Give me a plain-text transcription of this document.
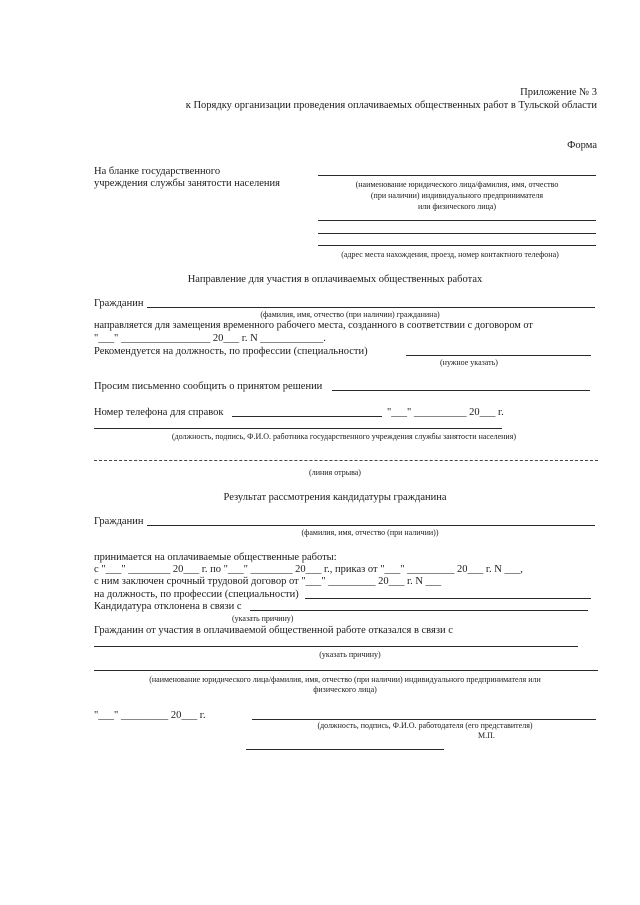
Приложение № 3
к Порядку организации проведения оплачиваемых общественных работ в Тульской области
Форма
На бланке государственного
учреждения службы занятости населения	(наименование юридического лица/фамилия, имя, отчество
(при наличии) индивидуального предпринимателя
или физического лица)
(адрес места нахождения, проезд, номер контактного телефона)
Направление для участия в оплачиваемых общественных работах
Гражданин
(фамилия, имя, отчество (при наличии) гражданина)
направляется для замещения временного рабочего места, созданного в соответствии с договором от
"___" _________________ 20___ г. N ____________.
Рекомендуется на должность, по профессии (специальности)
(нужное указать)
Просим письменно сообщить о принятом решении
Номер телефона для справок	"___" __________ 20___ г.
(должность, подпись, Ф.И.О. работника государственного учреждения службы занятости населения)
(линия отрыва)
Результат рассмотрения кандидатуры гражданина
Гражданин
(фамилия, имя, отчество (при наличии))
принимается на оплачиваемые общественные работы:
с "___" ________ 20___ г. по "___" ________ 20___ г., приказ от "___" _________ 20___ г. N ___,
с ним заключен срочный трудовой договор от "___" _________ 20___ г. N ___
на должность, по профессии (специальности)
Кандидатура отклонена в связи с
(указать причину)
Гражданин от участия в оплачиваемой общественной работе отказался в связи с
(указать причину)
(наименование юридического лица/фамилия, имя, отчество (при наличии) индивидуального предпринимателя или
физического лица)
"___" _________ 20___ г.
(должность, подпись, Ф.И.О. работодателя (его представителя)
М.П.
